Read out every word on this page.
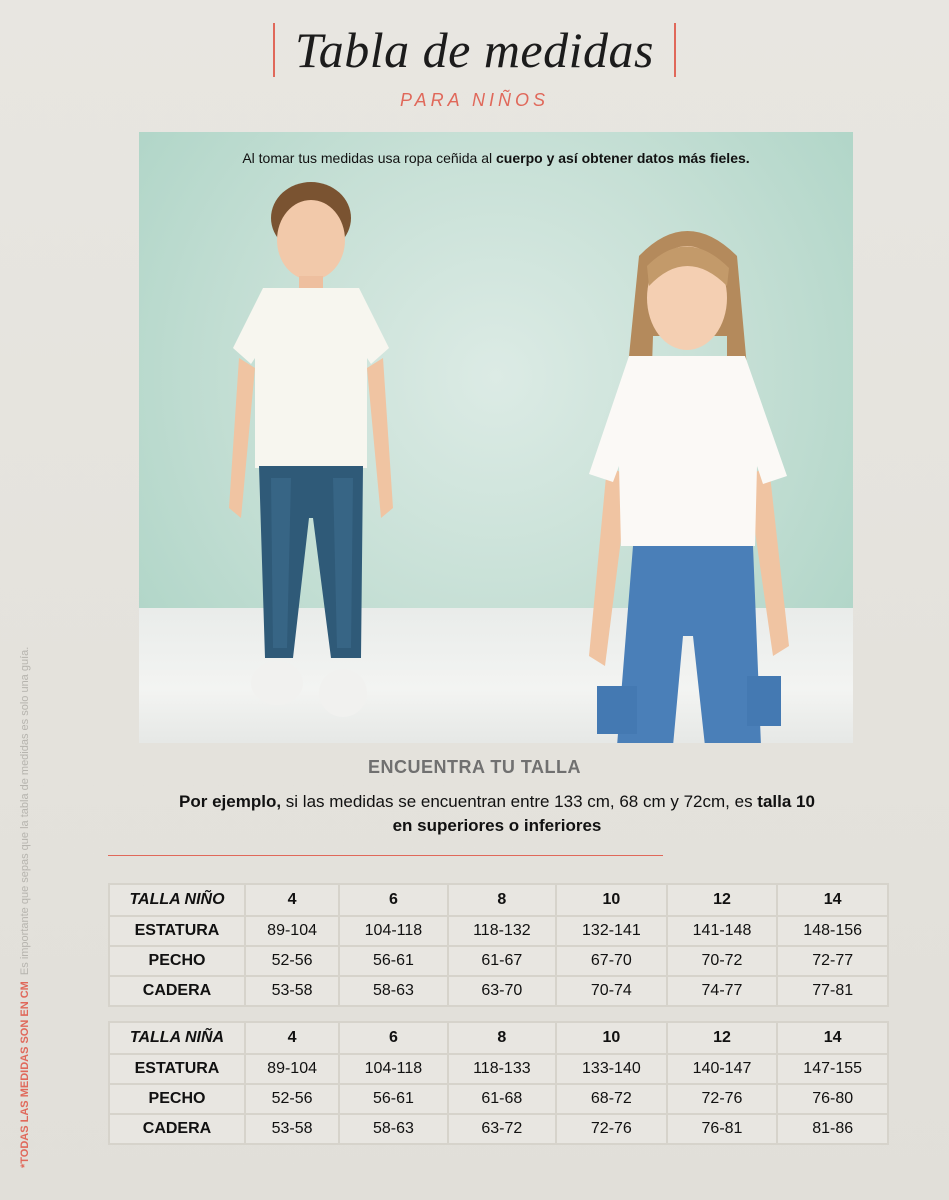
Tabla de medidas
PARA NIÑOS
Al tomar tus medidas usa ropa ceñida al cuerpo y así obtener datos más fieles.
*TODAS LAS MEDIDAS SON EN CM  Es importante que sepas que la tabla de medidas es solo una guía.	ENCUENTRA TU TALLA
Por ejemplo, si las medidas se encuentran entre 133 cm, 68 cm y 72cm, es talla 10
en superiores o inferiores
TALLA NIÑO	4	6	8	10	12	14
ESTATURA	89-104	104-118	118-132	132-141	141-148	148-156
PECHO	52-56	56-61	61-67	67-70	70-72	72-77
CADERA	53-58	58-63	63-70	70-74	74-77	77-81
TALLA NIÑA	4	6	8	10	12	14
ESTATURA	89-104	104-118	118-133	133-140	140-147	147-155
PECHO	52-56	56-61	61-68	68-72	72-76	76-80
CADERA	53-58	58-63	63-72	72-76	76-81	81-86
